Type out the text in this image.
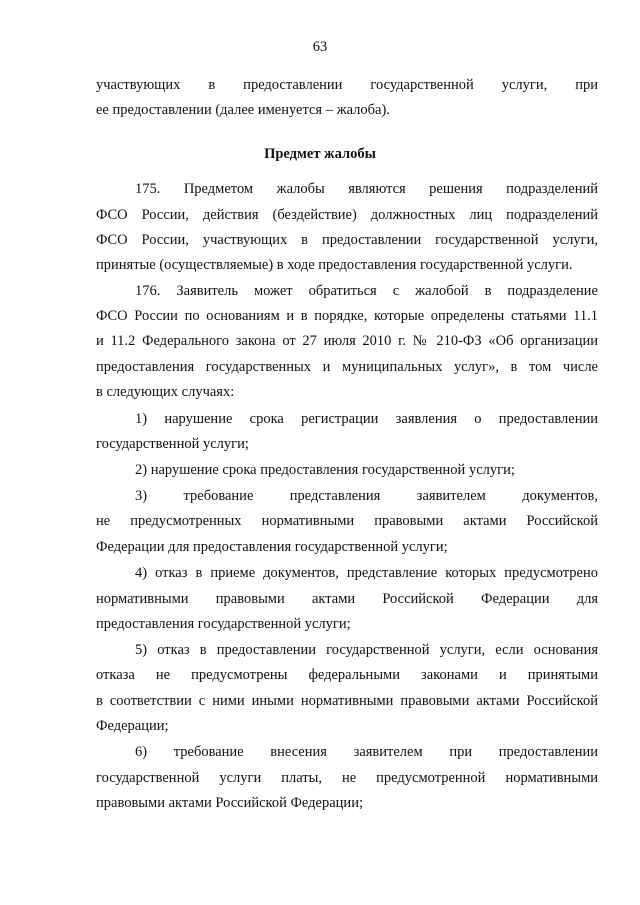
63
участвующих в предоставлении государственной услуги, при
ее предоставлении (далее именуется – жалоба).
Предмет жалобы
175. Предметом жалобы являются решения подразделений
ФСО России, действия (бездействие) должностных лиц подразделений
ФСО России, участвующих в предоставлении государственной услуги,
принятые (осуществляемые) в ходе предоставления государственной услуги.
176. Заявитель может обратиться с жалобой в подразделение
ФСО России по основаниям и в порядке, которые определены статьями 11.1
и 11.2 Федерального закона от 27 июля 2010 г. № 210-ФЗ «Об организации
предоставления государственных и муниципальных услуг», в том числе
в следующих случаях:
1) нарушение срока регистрации заявления о предоставлении
государственной услуги;
2) нарушение срока предоставления государственной услуги;
3) требование представления заявителем документов,
не предусмотренных нормативными правовыми актами Российской
Федерации для предоставления государственной услуги;
4) отказ в приеме документов, представление которых предусмотрено
нормативными правовыми актами Российской Федерации для
предоставления государственной услуги;
5) отказ в предоставлении государственной услуги, если основания
отказа не предусмотрены федеральными законами и принятыми
в соответствии с ними иными нормативными правовыми актами Российской
Федерации;
6) требование внесения заявителем при предоставлении
государственной услуги платы, не предусмотренной нормативными
правовыми актами Российской Федерации;
